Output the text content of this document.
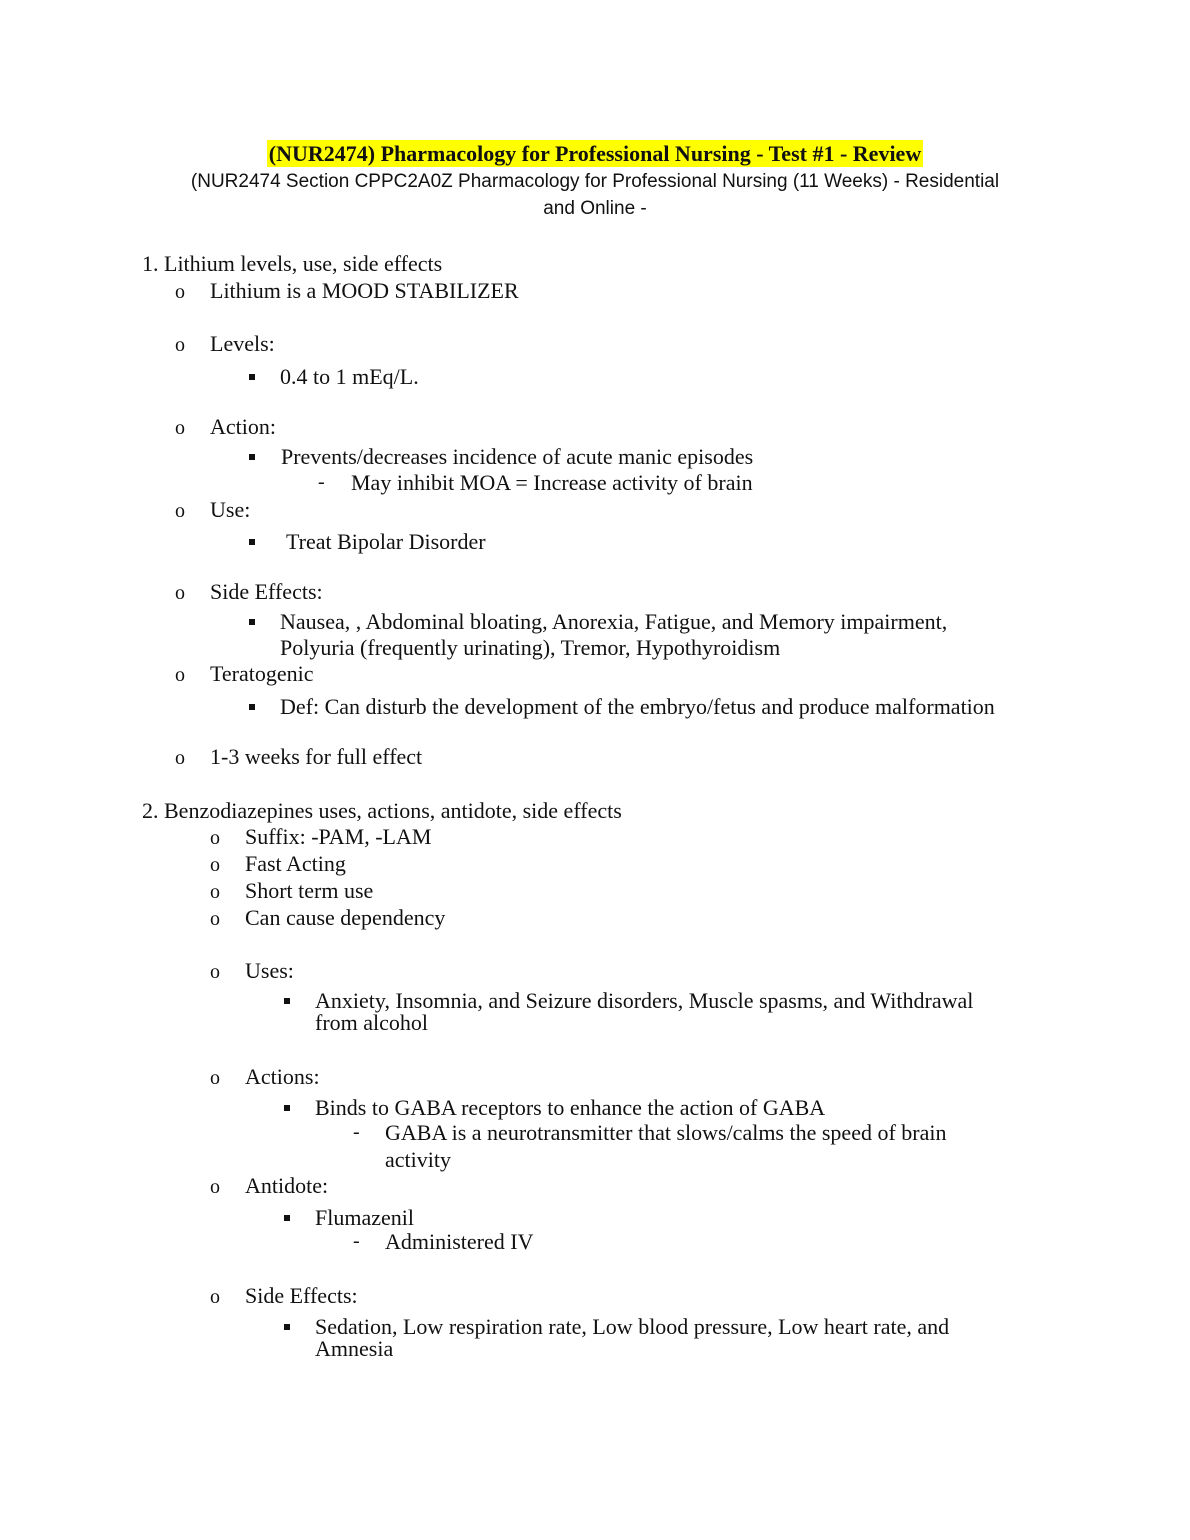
(NUR2474) Pharmacology for Professional Nursing - Test #1 - Review
(NUR2474 Section CPPC2A0Z Pharmacology for Professional Nursing (11 Weeks) - Residential
and Online -
1. Lithium levels, use, side effects
o Lithium is a MOOD STABILIZER
o Levels:
0.4 to 1 mEq/L.
o Action:
Prevents/decreases incidence of acute manic episodes
- May inhibit MOA = Increase activity of brain
o Use:
Treat Bipolar Disorder
o Side Effects:
Nausea, , Abdominal bloating, Anorexia, Fatigue, and Memory impairment,
Polyuria (frequently urinating), Tremor, Hypothyroidism
o Teratogenic
Def: Can disturb the development of the embryo/fetus and produce malformation
o 1-3 weeks for full effect
2. Benzodiazepines uses, actions, antidote, side effects
o Suffix: -PAM, -LAM
o Fast Acting
o Short term use
o Can cause dependency
o Uses:
Anxiety, Insomnia, and Seizure disorders, Muscle spasms, and Withdrawal
from alcohol
o Actions:
Binds to GABA receptors to enhance the action of GABA
- GABA is a neurotransmitter that slows/calms the speed of brain
activity
o Antidote:
Flumazenil
- Administered IV
o Side Effects:
Sedation, Low respiration rate, Low blood pressure, Low heart rate, and
Amnesia
